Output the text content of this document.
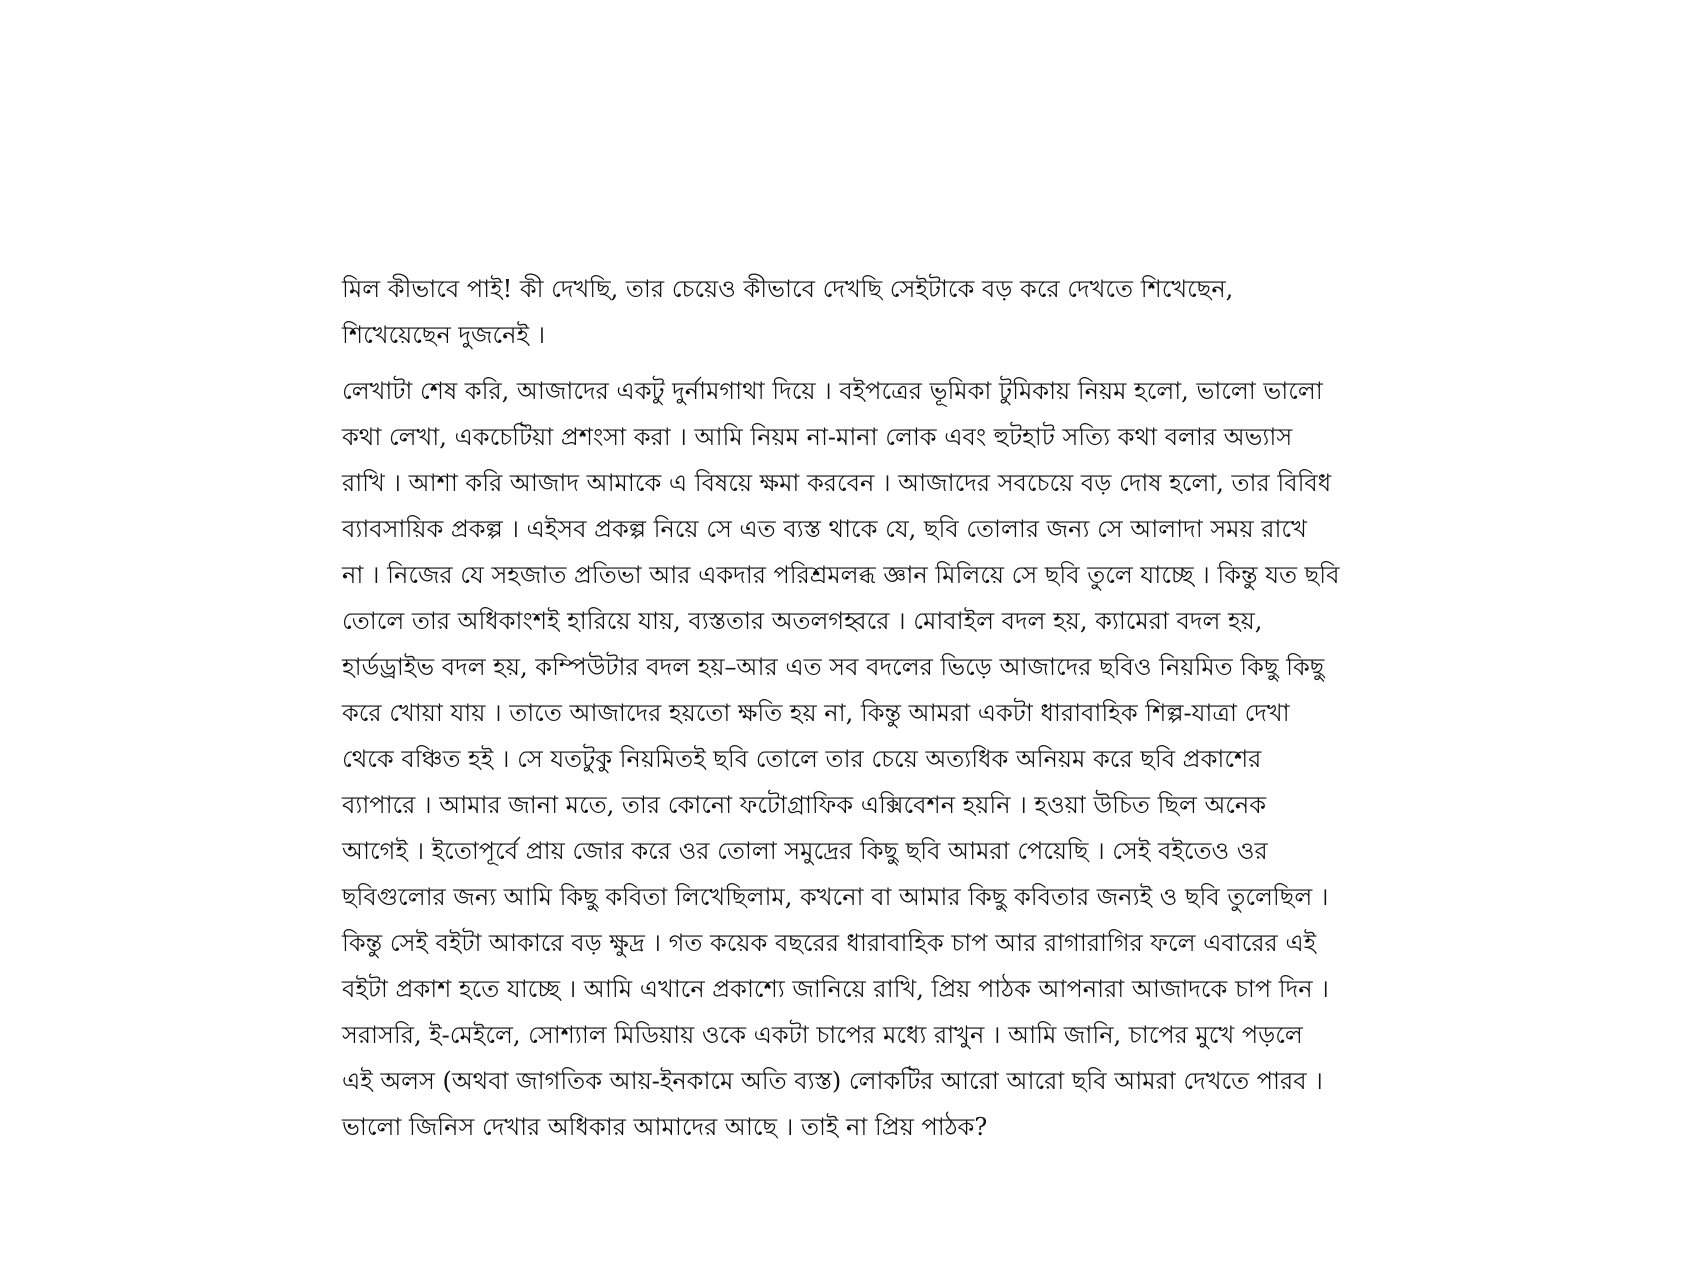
মিল কীভাবে পাই! কী দেখছি, তার চেয়েও কীভাবে দেখছি সেইটাকে বড় করে দেখতে শিখেছেন,
শিখেয়েছেন দুজনেই ।
লেখাটা শেষ করি, আজাদের একটু দুর্নামগাথা দিয়ে । বইপত্রের ভূমিকা টুমিকায় নিয়ম হলো, ভালো ভালো
কথা লেখা, একচেটিয়া প্রশংসা করা । আমি নিয়ম না-মানা লোক এবং হুটহাট সত্যি কথা বলার অভ্যাস
রাখি । আশা করি আজাদ আমাকে এ বিষয়ে ক্ষমা করবেন । আজাদের সবচেয়ে বড় দোষ হলো, তার বিবিধ
ব্যাবসায়িক প্রকল্প । এইসব প্রকল্প নিয়ে সে এত ব্যস্ত থাকে যে, ছবি তোলার জন্য সে আলাদা সময় রাখে
না । নিজের যে সহজাত প্রতিভা আর একদার পরিশ্রমলব্ধ জ্ঞান মিলিয়ে সে ছবি তুলে যাচ্ছে । কিন্তু যত ছবি
তোলে তার অধিকাংশই হারিয়ে যায়, ব্যস্ততার অতলগহ্বরে । মোবাইল বদল হয়, ক্যামেরা বদল হয়,
হার্ডড্রাইভ বদল হয়, কম্পিউটার বদল হয়–আর এত সব বদলের ভিড়ে আজাদের ছবিও নিয়মিত কিছু কিছু
করে খোয়া যায় । তাতে আজাদের হয়তো ক্ষতি হয় না, কিন্তু আমরা একটা ধারাবাহিক শিল্প-যাত্রা দেখা
থেকে বঞ্চিত হই । সে যতটুকু নিয়মিতই ছবি তোলে তার চেয়ে অত্যধিক অনিয়ম করে ছবি প্রকাশের
ব্যাপারে । আমার জানা মতে, তার কোনো ফটোগ্রাফিক এক্সিবেশন হয়নি । হওয়া উচিত ছিল অনেক
আগেই । ইতোপূর্বে প্রায় জোর করে ওর তোলা সমুদ্রের কিছু ছবি আমরা পেয়েছি । সেই বইতেও ওর
ছবিগুলোর জন্য আমি কিছু কবিতা লিখেছিলাম, কখনো বা আমার কিছু কবিতার জন্যই ও ছবি তুলেছিল ।
কিন্তু সেই বইটা আকারে বড় ক্ষুদ্র । গত কয়েক বছরের ধারাবাহিক চাপ আর রাগারাগির ফলে এবারের এই
বইটা প্রকাশ হতে যাচ্ছে । আমি এখানে প্রকাশ্যে জানিয়ে রাখি, প্রিয় পাঠক আপনারা আজাদকে চাপ দিন ।
সরাসরি, ই-মেইলে, সোশ্যাল মিডিয়ায় ওকে একটা চাপের মধ্যে রাখুন । আমি জানি, চাপের মুখে পড়লে
এই অলস (অথবা জাগতিক আয়-ইনকামে অতি ব্যস্ত) লোকটির আরো আরো ছবি আমরা দেখতে পারব ।
ভালো জিনিস দেখার অধিকার আমাদের আছে । তাই না প্রিয় পাঠক?
